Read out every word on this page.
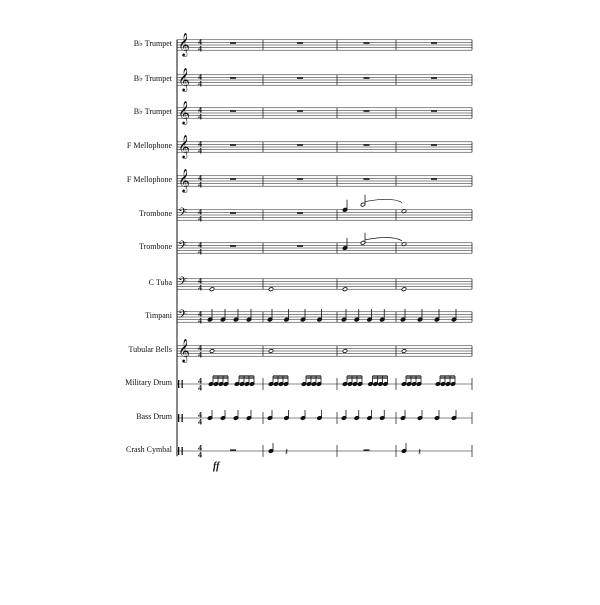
B♭ Trumpet
B♭ Trumpet
B♭ Trumpet
F Mellophone
F Mellophone
Trombone
Trombone
C Tuba
Timpani
Tubular Bells
Military Drum
Bass Drum
Crash Cymbal
𝄞 4
4
𝄞 4
4
𝄞 4
4
𝄞 4
4
𝄞 4
4
𝄢 4
4
𝄢 4
4
𝄢 4
4
𝄢 4
4
𝄞 4
4
4
4
4
4
4
4	𝄽	𝄽
ff
